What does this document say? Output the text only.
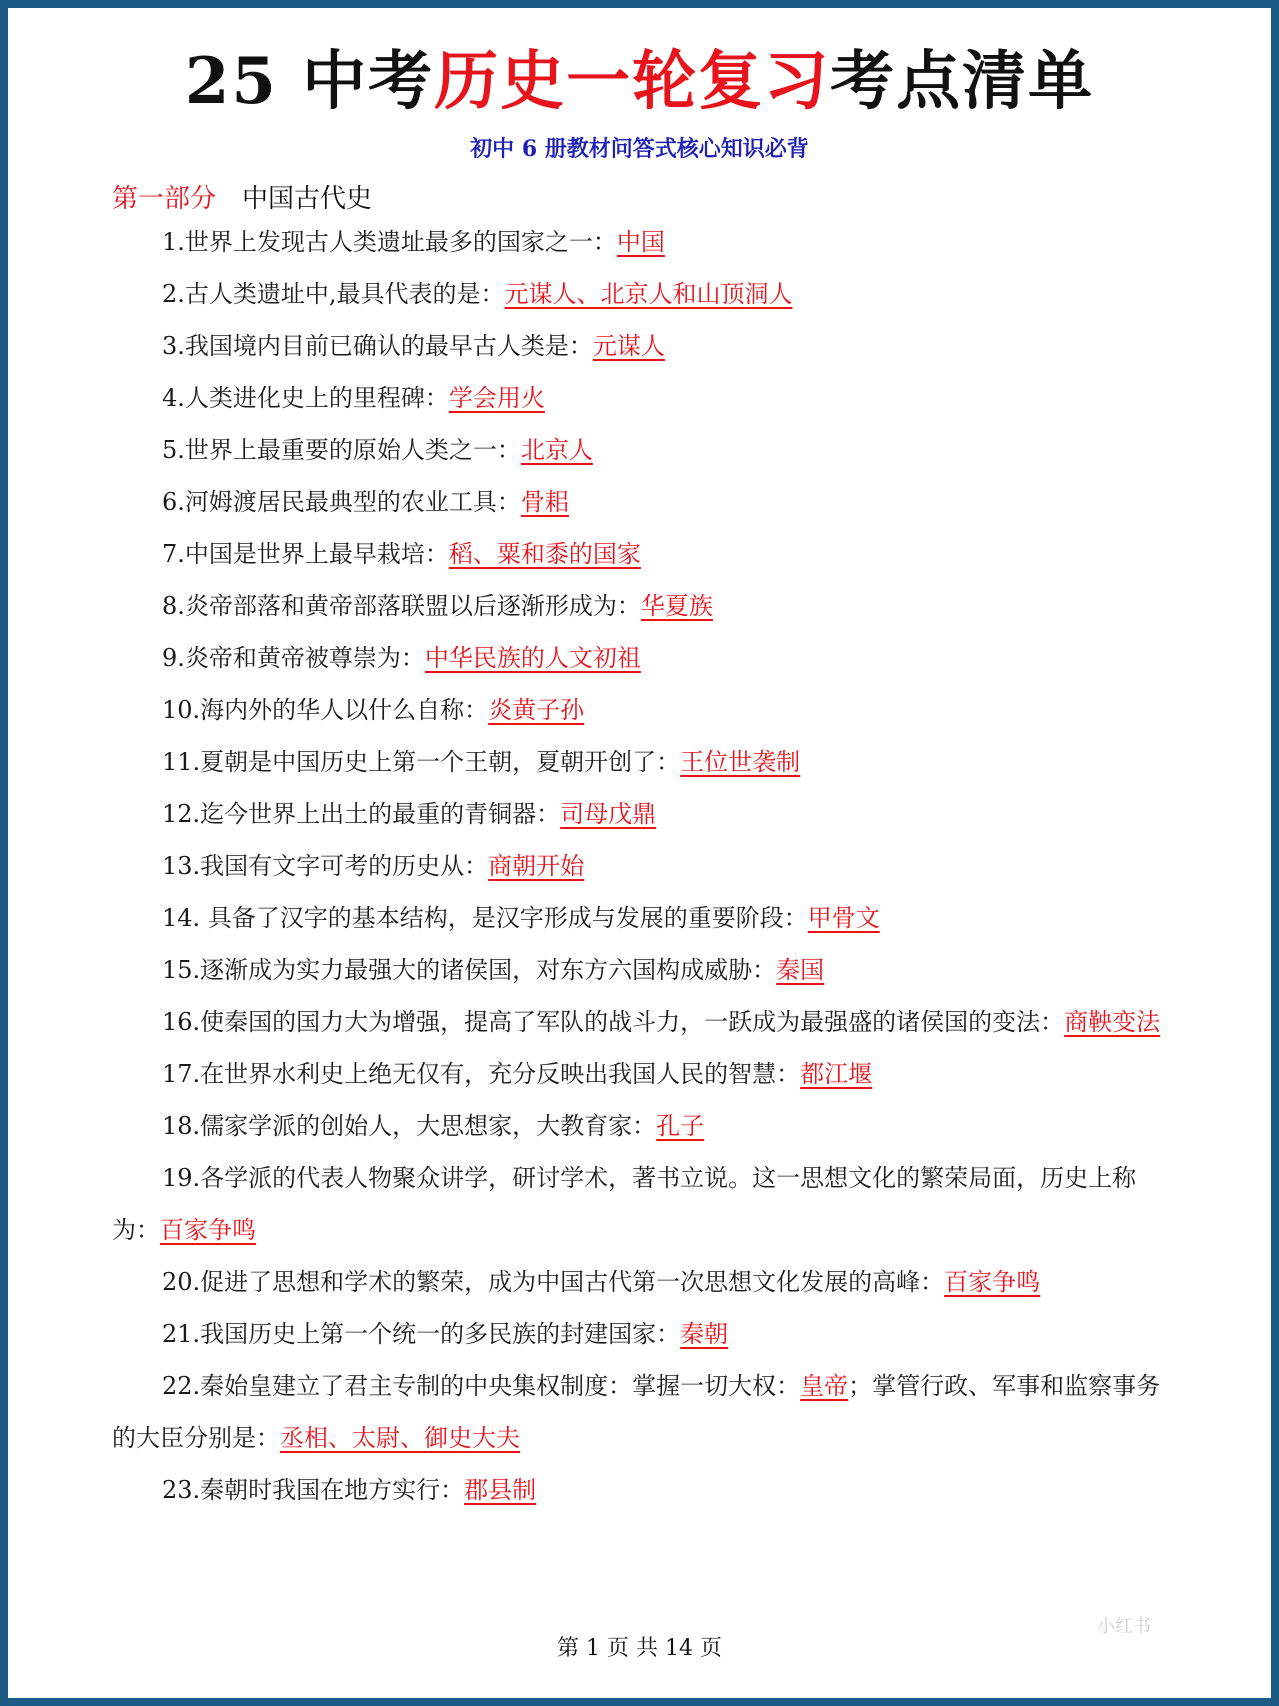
25 中考历史一轮复习考点清单
初中 6 册教材问答式核心知识必背
第一部分 中国古代史
1.世界上发现古人类遗址最多的国家之一：中国
2.古人类遗址中,最具代表的是：元谋人、北京人和山顶洞人
3.我国境内目前已确认的最早古人类是：元谋人
4.人类进化史上的里程碑：学会用火
5.世界上最重要的原始人类之一：北京人
6.河姆渡居民最典型的农业工具：骨耜
7.中国是世界上最早栽培：稻、粟和黍的国家
8.炎帝部落和黄帝部落联盟以后逐渐形成为：华夏族
9.炎帝和黄帝被尊崇为：中华民族的人文初祖
10.海内外的华人以什么自称：炎黄子孙
11.夏朝是中国历史上第一个王朝，夏朝开创了：王位世袭制
12.迄今世界上出土的最重的青铜器：司母戊鼎
13.我国有文字可考的历史从：商朝开始
14. 具备了汉字的基本结构，是汉字形成与发展的重要阶段：甲骨文
15.逐渐成为实力最强大的诸侯国，对东方六国构成威胁：秦国
16.使秦国的国力大为增强，提高了军队的战斗力，一跃成为最强盛的诸侯国的变法：商鞅变法
17.在世界水利史上绝无仅有，充分反映出我国人民的智慧：都江堰
18.儒家学派的创始人，大思想家，大教育家：孔子
19.各学派的代表人物聚众讲学，研讨学术，著书立说。这一思想文化的繁荣局面，历史上称为：百家争鸣
20.促进了思想和学术的繁荣，成为中国古代第一次思想文化发展的高峰：百家争鸣
21.我国历史上第一个统一的多民族的封建国家：秦朝
22.秦始皇建立了君主专制的中央集权制度：掌握一切大权：皇帝；掌管行政、军事和监察事务的大臣分别是：丞相、太尉、御史大夫
23.秦朝时我国在地方实行：郡县制
小红书
第 1 页 共 14 页
